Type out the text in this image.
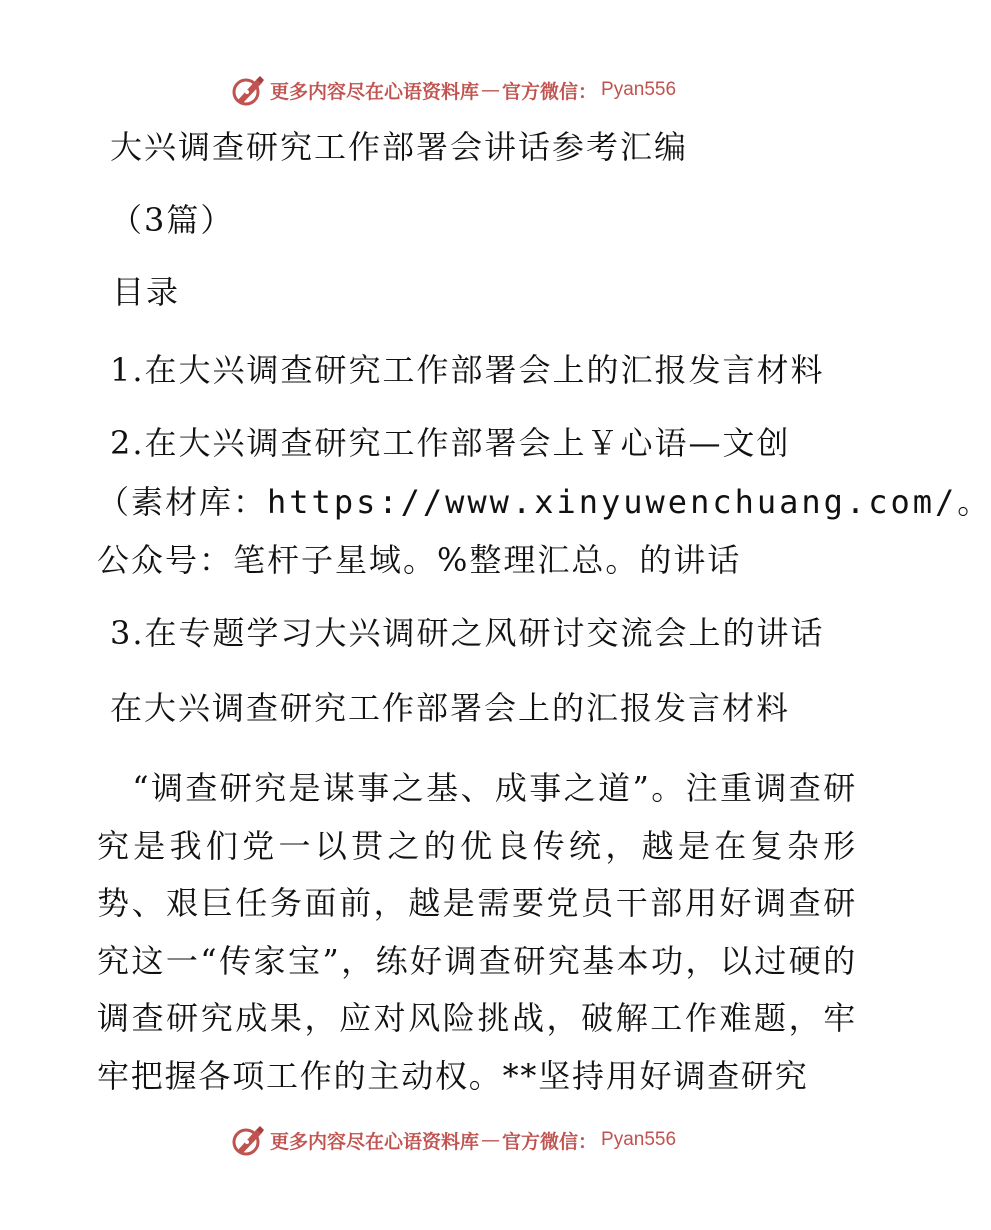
更多内容尽在心语资料库 — 官方微信： Pyan556
大兴调查研究工作部署会讲话参考汇编
（3篇）
目录
1.在大兴调查研究工作部署会上的汇报发言材料
2.在大兴调查研究工作部署会上￥心语—文创
（素材库：https://www.xinyuwenchuang.com/。
公众号：笔杆子星域。%整理汇总。的讲话
3.在专题学习大兴调研之风研讨交流会上的讲话
在大兴调查研究工作部署会上的汇报发言材料
“调查研究是谋事之基、成事之道”。注重调查研究是我们党一以贯之的优良传统，越是在复杂形势、艰巨任务面前，越是需要党员干部用好调查研究这一“传家宝”，练好调查研究基本功，以过硬的调查研究成果，应对风险挑战，破解工作难题，牢牢把握各项工作的主动权。**坚持用好调查研究
更多内容尽在心语资料库 — 官方微信： Pyan556
